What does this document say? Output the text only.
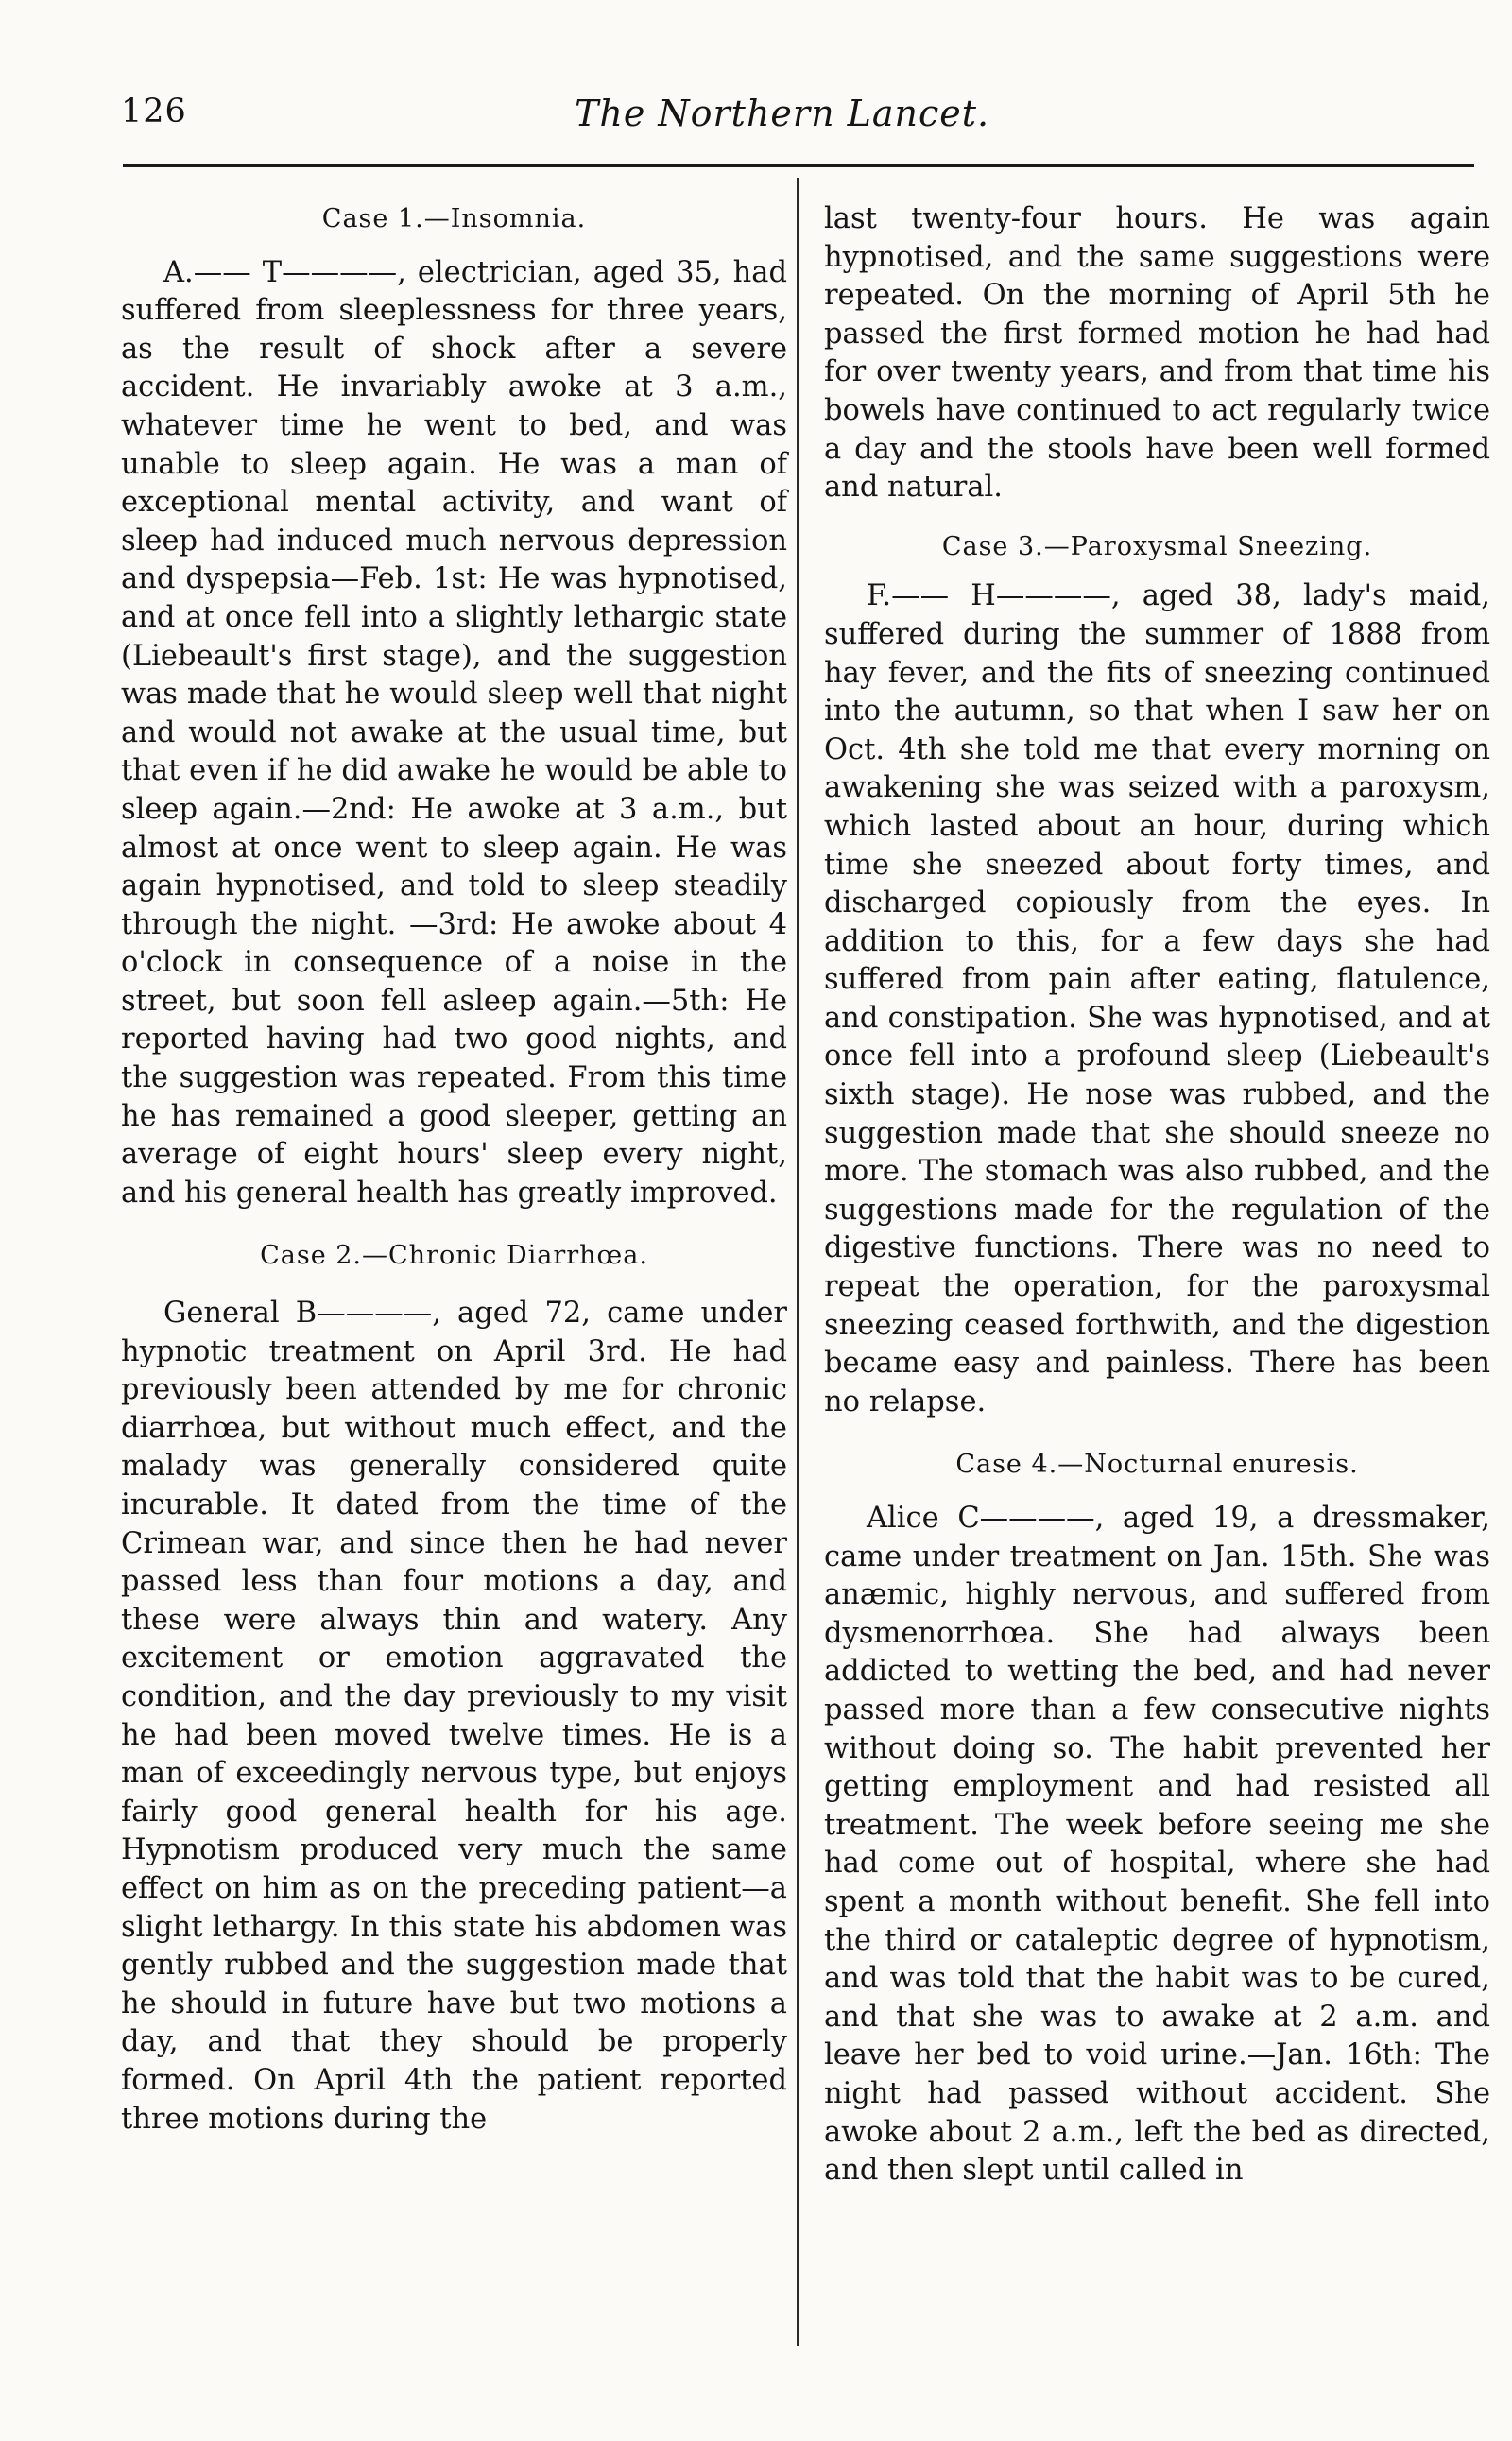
126	The Northern Lancet.

Case 1.—Insomnia.

A.—— T————, electrician, aged 35, had suffered from sleeplessness for three years, as the result of shock after a severe accident. He invariably awoke at 3 a.m., whatever time he went to bed, and was unable to sleep again. He was a man of exceptional mental activity, and want of sleep had induced much nervous depression and dyspepsia—Feb. 1st: He was hypnotised, and at once fell into a slightly lethargic state (Liebeault's first stage), and the suggestion was made that he would sleep well that night and would not awake at the usual time, but that even if he did awake he would be able to sleep again.—2nd: He awoke at 3 a.m., but almost at once went to sleep again. He was again hypnotised, and told to sleep steadily through the night. —3rd: He awoke about 4 o'clock in consequence of a noise in the street, but soon fell asleep again.—5th: He reported having had two good nights, and the suggestion was repeated. From this time he has remained a good sleeper, getting an average of eight hours' sleep every night, and his general health has greatly improved.

Case 2.—Chronic Diarrhœa.

General B————, aged 72, came under hypnotic treatment on April 3rd. He had previously been attended by me for chronic diarrhœa, but without much effect, and the malady was generally considered quite incurable. It dated from the time of the Crimean war, and since then he had never passed less than four motions a day, and these were always thin and watery. Any excitement or emotion aggravated the condition, and the day previously to my visit he had been moved twelve times. He is a man of exceedingly nervous type, but enjoys fairly good general health for his age. Hypnotism produced very much the same effect on him as on the preceding patient—a slight lethargy. In this state his abdomen was gently rubbed and the suggestion made that he should in future have but two motions a day, and that they should be properly formed. On April 4th the patient reported three motions during the

last twenty-four hours. He was again hypnotised, and the same suggestions were repeated. On the morning of April 5th he passed the first formed motion he had had for over twenty years, and from that time his bowels have continued to act regularly twice a day and the stools have been well formed and natural.

Case 3.—Paroxysmal Sneezing.

F.—— H————, aged 38, lady's maid, suffered during the summer of 1888 from hay fever, and the fits of sneezing continued into the autumn, so that when I saw her on Oct. 4th she told me that every morning on awakening she was seized with a paroxysm, which lasted about an hour, during which time she sneezed about forty times, and discharged copiously from the eyes. In addition to this, for a few days she had suffered from pain after eating, flatulence, and constipation. She was hypnotised, and at once fell into a profound sleep (Liebeault's sixth stage). He nose was rubbed, and the suggestion made that she should sneeze no more. The stomach was also rubbed, and the suggestions made for the regulation of the digestive functions. There was no need to repeat the operation, for the paroxysmal sneezing ceased forthwith, and the digestion became easy and painless. There has been no relapse.

Case 4.—Nocturnal enuresis.

Alice C————, aged 19, a dressmaker, came under treatment on Jan. 15th. She was anæmic, highly nervous, and suffered from dysmenorrhœa. She had always been addicted to wetting the bed, and had never passed more than a few consecutive nights without doing so. The habit prevented her getting employment and had resisted all treatment. The week before seeing me she had come out of hospital, where she had spent a month without benefit. She fell into the third or cataleptic degree of hypnotism, and was told that the habit was to be cured, and that she was to awake at 2 a.m. and leave her bed to void urine.—Jan. 16th: The night had passed without accident. She awoke about 2 a.m., left the bed as directed, and then slept until called in
